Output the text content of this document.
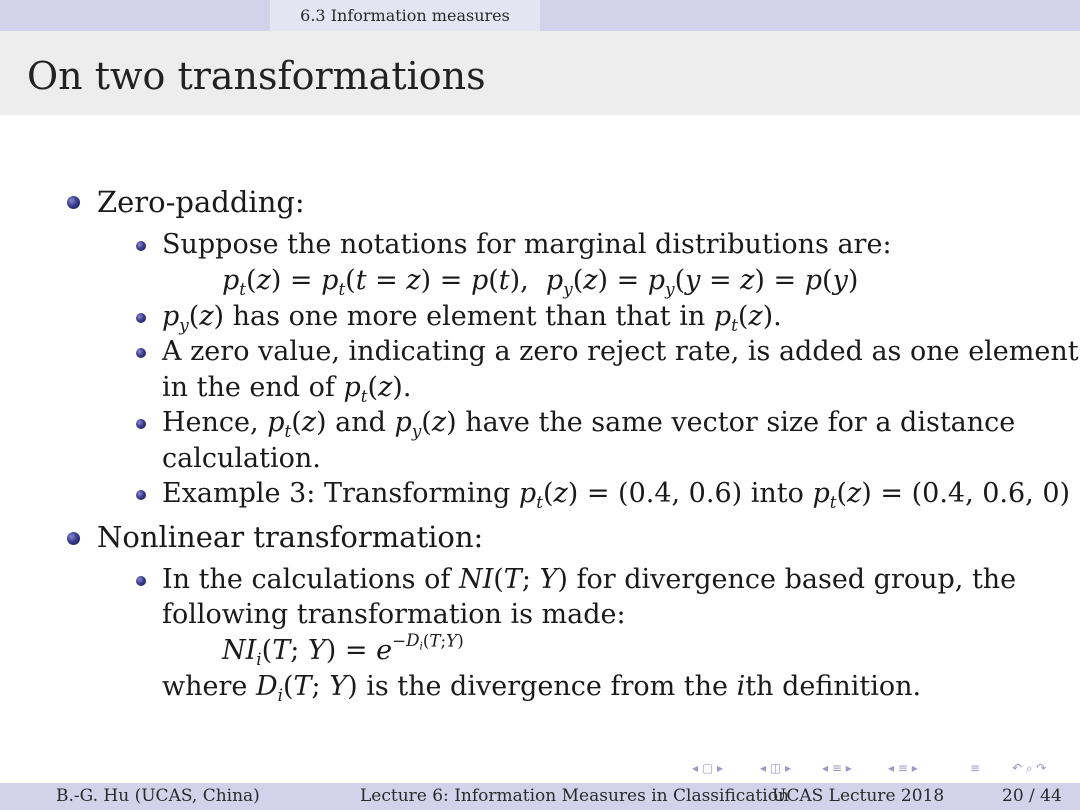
6.3 Information measures
On two transformations
Zero-padding:
Suppose the notations for marginal distributions are:
$p_t(z) = p_t(t = z) = p(t)$,  $p_y(z) = p_y(y = z) = p(y)$
$p_y(z)$ has one more element than that in $p_t(z)$.
A zero value, indicating a zero reject rate, is added as one element
in the end of $p_t(z)$.
Hence, $p_t(z)$ and $p_y(z)$ have the same vector size for a distance
calculation.
Example 3: Transforming $p_t(z) = (0.4$, 0.6) into $p_t(z) = (0.4$, 0.6, 0)
Nonlinear transformation:
In the calculations of NI(T; Y) for divergence based group, the
following transformation is made:
$NI_i(T$; $Y) = e^{-D_i(T;Y)}$
where $D_i(T$; Y) is the divergence from the ith definition.
◂ ▢ ▸	◂ ◫ ▸	◂ ≡ ▸	◂ ≡ ▸	≡	↶ ⌕ ↷
B.-G. Hu (UCAS, China)	Lecture 6: Information Measures in Classification
UCAS Lecture 2018	20 / 44
